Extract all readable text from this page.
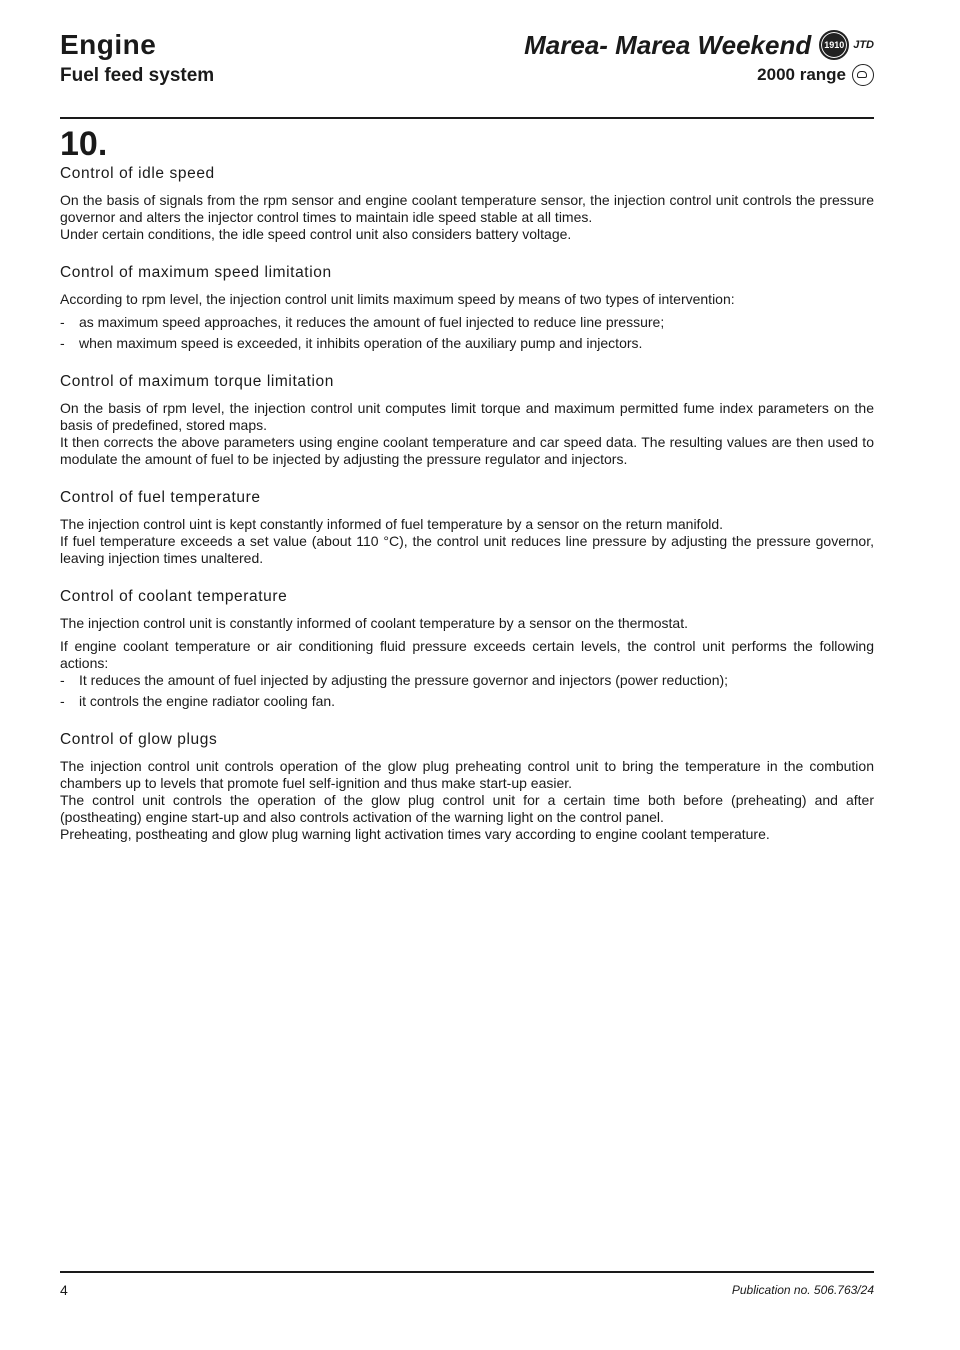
Engine
Fuel feed system
Marea- Marea Weekend	1910 JTD
2000 range
10.

Control of idle speed

On the basis of signals from the rpm sensor and engine coolant temperature sensor, the injection control unit controls the pressure governor and alters the injector control times to maintain idle speed stable at all times.

Under certain conditions, the idle speed control unit also considers battery voltage.

Control of maximum speed limitation

According to rpm level, the injection control unit limits maximum speed by means of two types of intervention:

- as maximum speed approaches, it reduces the amount of fuel injected to reduce line pressure;
- when maximum speed is exceeded, it inhibits operation of the auxiliary pump and injectors.

Control of maximum torque limitation

On the basis of rpm level, the injection control unit computes limit torque and maximum permitted fume index parameters on the basis of predefined, stored maps.

It then corrects the above parameters using engine coolant temperature and car speed data. The resulting values are then used to modulate the amount of fuel to be injected by adjusting the pressure regulator and injectors.

Control of fuel temperature

The injection control uint is kept constantly informed of fuel temperature by a sensor on the return manifold.

If fuel temperature exceeds a set value (about 110 °C), the control unit reduces line pressure by adjusting the pressure governor, leaving injection times unaltered.

Control of coolant temperature

The injection control unit is constantly informed of coolant temperature by a sensor on the thermostat.

If engine coolant temperature or air conditioning fluid pressure exceeds certain levels, the control unit performs the following actions:

- It reduces the amount of fuel injected by adjusting the pressure governor and injectors (power reduction);
- it controls the engine radiator cooling fan.

Control of glow plugs

The injection control unit controls operation of the glow plug preheating control unit to bring the temperature in the combution chambers up to levels that promote fuel self-ignition and thus make start-up easier.

The control unit controls the operation of the glow plug control unit for a certain time both before (preheating) and after (postheating) engine start-up and also controls activation of the warning light on the control panel.

Preheating, postheating and glow plug warning light activation times vary according to engine coolant temperature.

4	Publication no. 506.763/24
